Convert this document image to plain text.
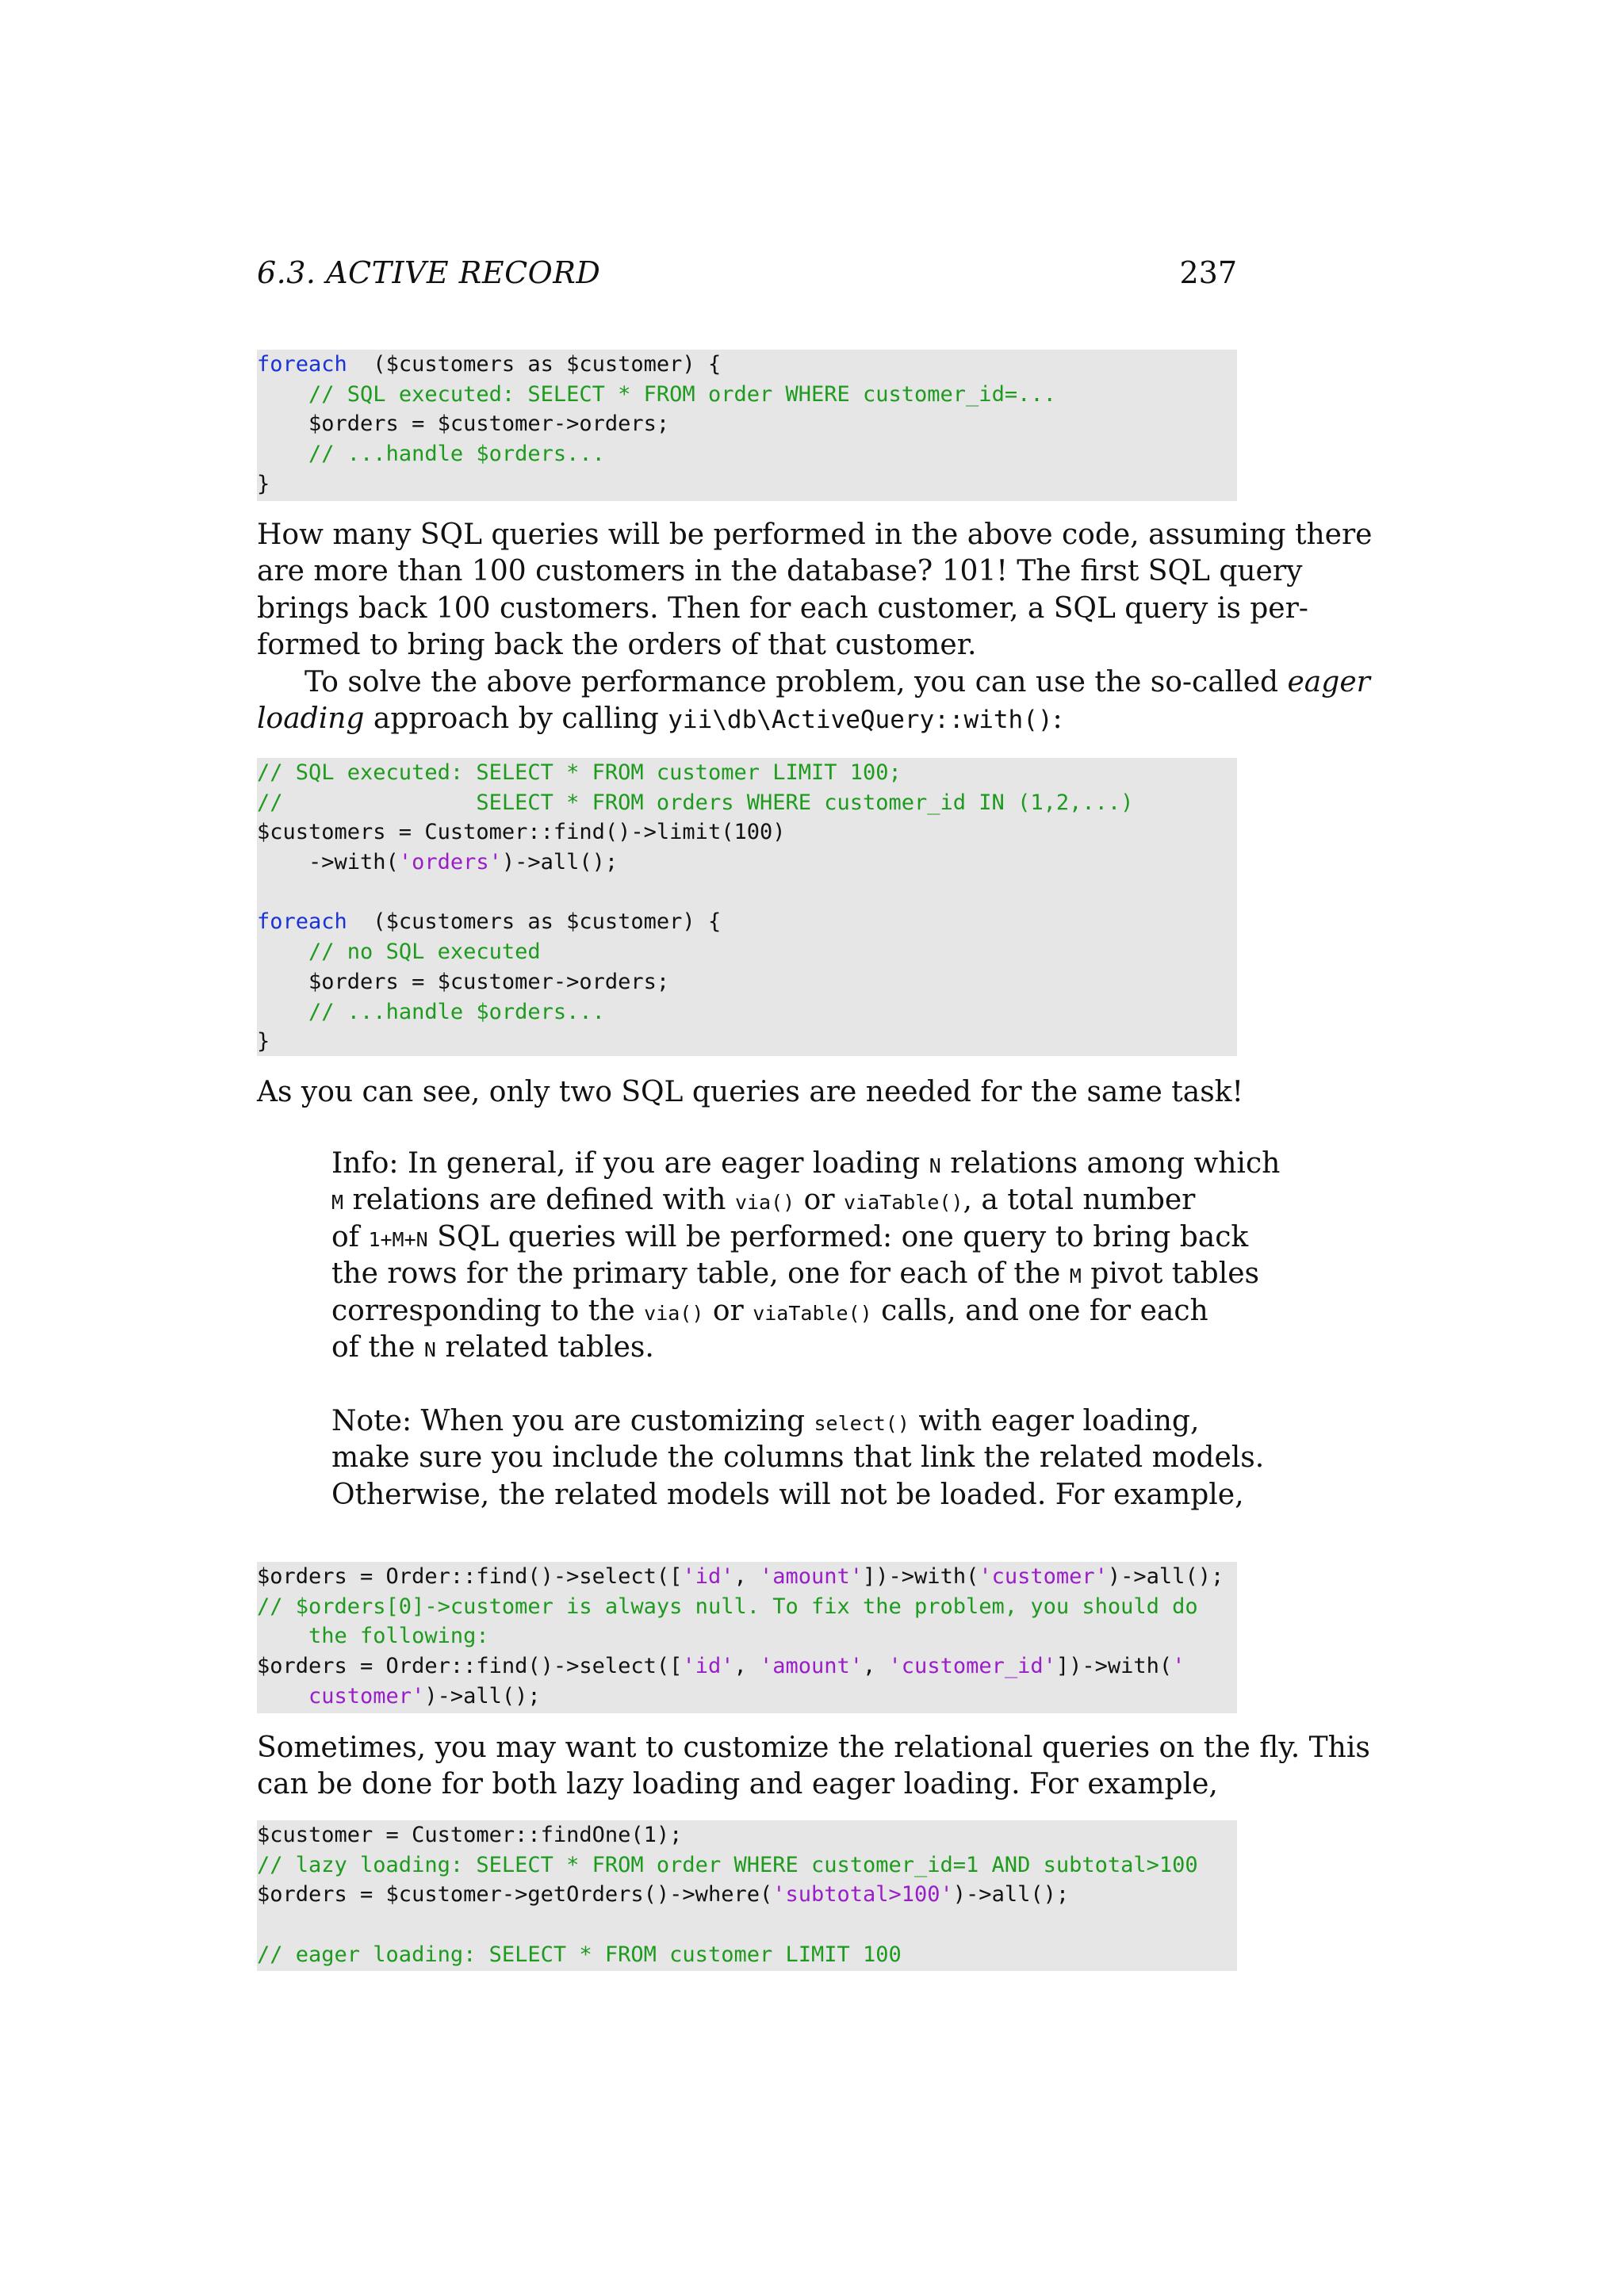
6.3. ACTIVE RECORD	237
foreach  ($customers as $customer) {
// SQL executed: SELECT * FROM order WHERE customer_id=...
$orders = $customer->orders;
// ...handle $orders...
}
How many SQL queries will be performed in the above code, assuming there
are more than 100 customers in the database? 101! The first SQL query
brings back 100 customers. Then for each customer, a SQL query is per-
formed to bring back the orders of that customer.
To solve the above performance problem, you can use the so-called eager
loading approach by calling yii\db\ActiveQuery::with():
// SQL executed: SELECT * FROM customer LIMIT 100;
//               SELECT * FROM orders WHERE customer_id IN (1,2,...)
$customers = Customer::find()->limit(100)
->with('orders')->all();
foreach  ($customers as $customer) {
// no SQL executed
$orders = $customer->orders;
// ...handle $orders...
}
As you can see, only two SQL queries are needed for the same task!
Info: In general, if you are eager loading N relations among which
M relations are defined with via() or viaTable(), a total number
of 1+M+N SQL queries will be performed: one query to bring back
the rows for the primary table, one for each of the M pivot tables
corresponding to the via() or viaTable() calls, and one for each
of the N related tables.
Note: When you are customizing select() with eager loading,
make sure you include the columns that link the related models.
Otherwise, the related models will not be loaded. For example,
$orders = Order::find()->select(['id', 'amount'])->with('customer')->all();
// $orders[0]->customer is always null. To fix the problem, you should do
the following:
$orders = Order::find()->select(['id', 'amount', 'customer_id'])->with('
customer')->all();
Sometimes, you may want to customize the relational queries on the fly. This
can be done for both lazy loading and eager loading. For example,
$customer = Customer::findOne(1);
// lazy loading: SELECT * FROM order WHERE customer_id=1 AND subtotal>100
$orders = $customer->getOrders()->where('subtotal>100')->all();
// eager loading: SELECT * FROM customer LIMIT 100
